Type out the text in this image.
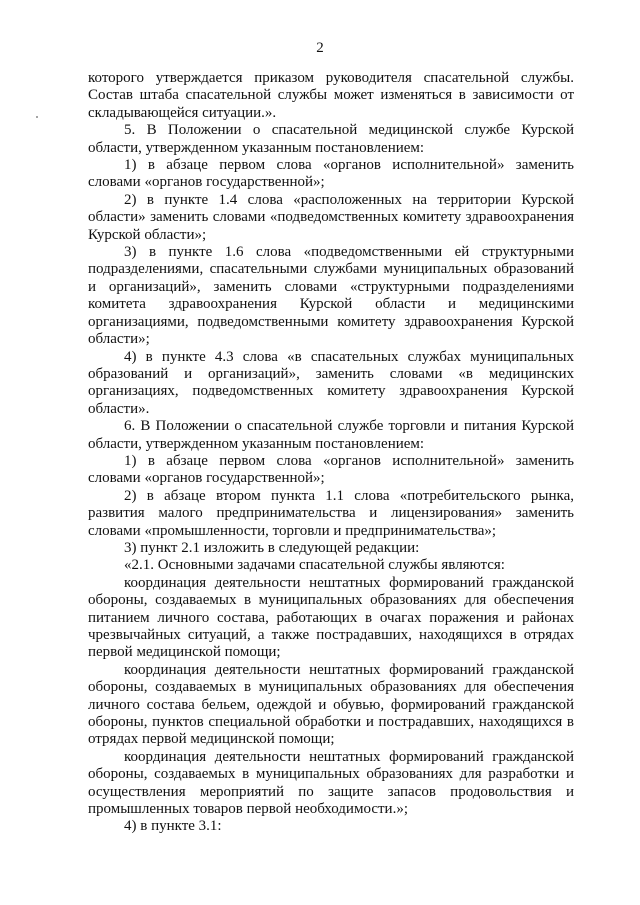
2

которого утверждается приказом руководителя спасательной службы. Состав штаба спасательной службы может изменяться в зависимости от складывающейся ситуации.».

5. В Положении о спасательной медицинской службе Курской области, утвержденном указанным постановлением:

1) в абзаце первом слова «органов исполнительной» заменить словами «органов государственной»;

2) в пункте 1.4 слова «расположенных на территории Курской области» заменить словами «подведомственных комитету здравоохранения Курской области»;

3) в пункте 1.6 слова «подведомственными ей структурными подразделениями, спасательными службами муниципальных образований и организаций», заменить словами «структурными подразделениями комитета здравоохранения Курской области и медицинскими организациями, подведомственными комитету здравоохранения Курской области»;

4) в пункте 4.3 слова «в спасательных службах муниципальных образований и организаций», заменить словами «в медицинских организациях, подведомственных комитету здравоохранения Курской области».

6. В Положении о спасательной службе торговли и питания Курской области, утвержденном указанным постановлением:

1) в абзаце первом слова «органов исполнительной» заменить словами «органов государственной»;

2) в абзаце втором пункта 1.1 слова «потребительского рынка, развития малого предпринимательства и лицензирования» заменить словами «промышленности, торговли и предпринимательства»;

3) пункт 2.1 изложить в следующей редакции:

«2.1. Основными задачами спасательной службы являются:

координация деятельности нештатных формирований гражданской обороны, создаваемых в муниципальных образованиях для обеспечения питанием личного состава, работающих в очагах поражения и районах чрезвычайных ситуаций, а также пострадавших, находящихся в отрядах первой медицинской помощи;

координация деятельности нештатных формирований гражданской обороны, создаваемых в муниципальных образованиях для обеспечения личного состава бельем, одеждой и обувью, формирований гражданской обороны, пунктов специальной обработки и пострадавших, находящихся в отрядах первой медицинской помощи;

координация деятельности нештатных формирований гражданской обороны, создаваемых в муниципальных образованиях для разработки и осуществления мероприятий по защите запасов продовольствия и промышленных товаров первой необходимости.»;

4) в пункте 3.1:
